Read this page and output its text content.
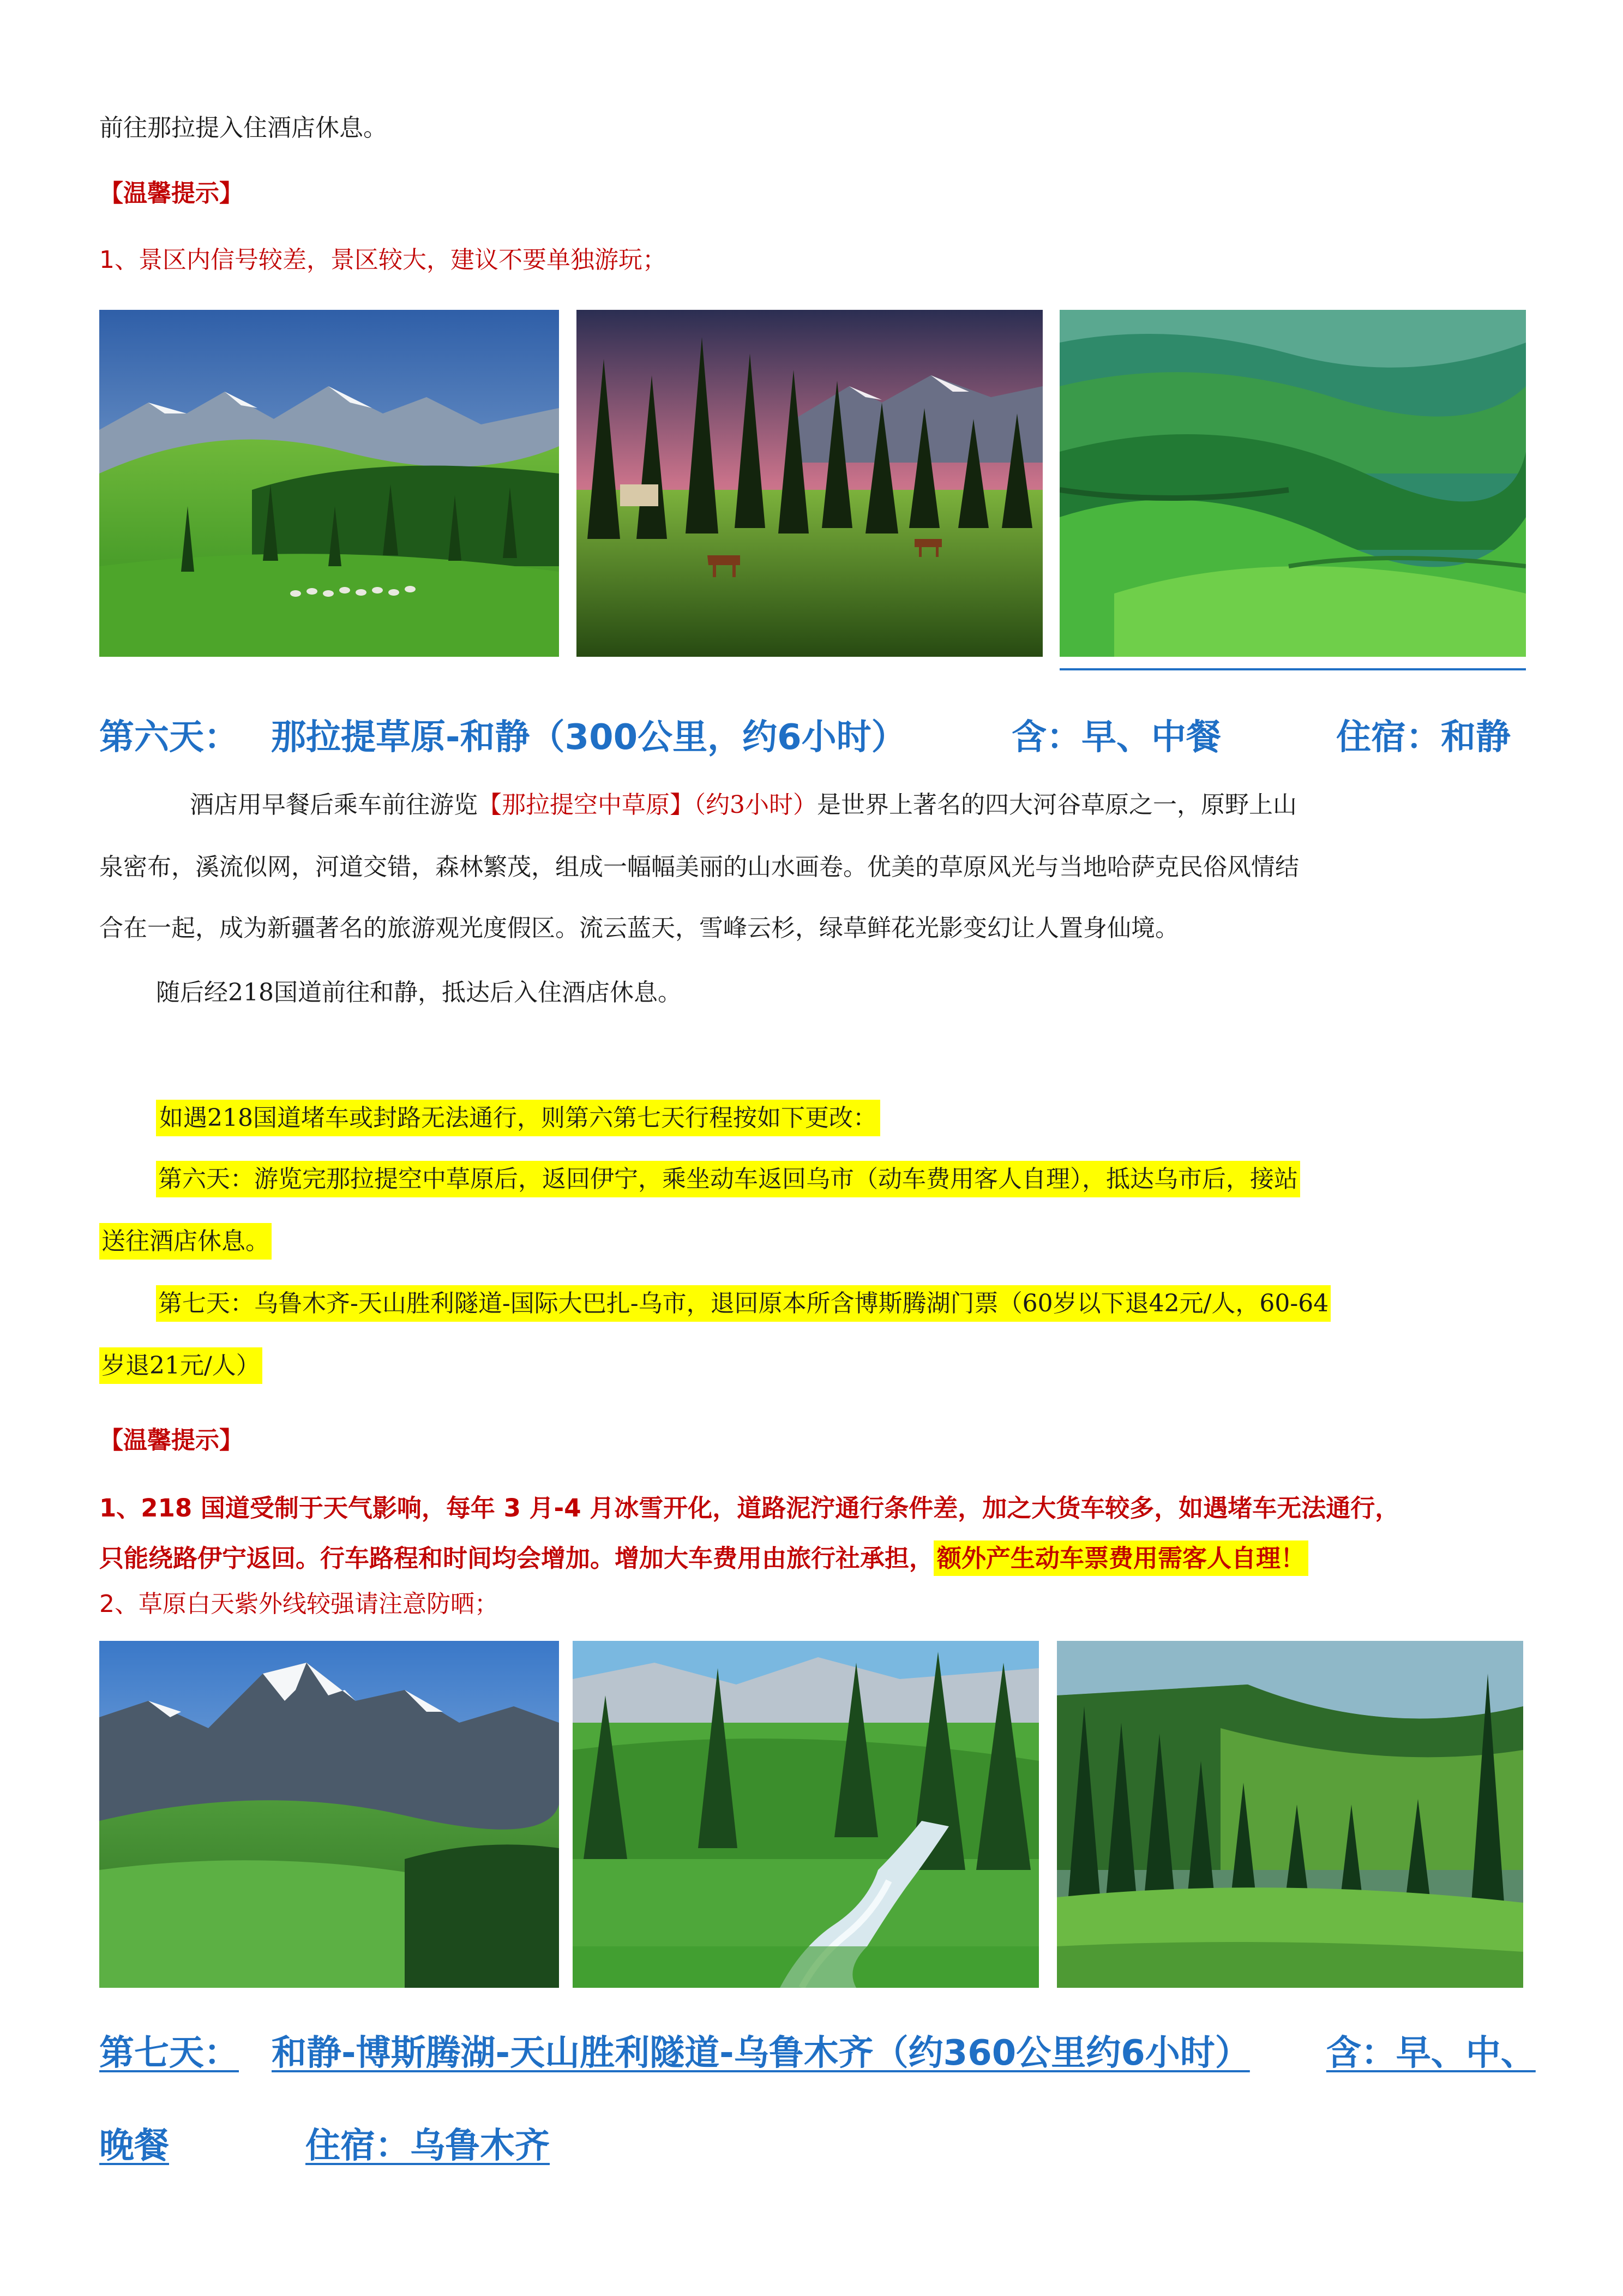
前往那拉提入住酒店休息。
【温馨提示】
1、景区内信号较差，景区较大，建议不要单独游玩；
第六天： 那拉提草原-和静（300公里，约6小时）	含：早、中餐	住宿：和静
酒店用早餐后乘车前往游览【那拉提空中草原】（约3小时）是世界上著名的四大河谷草原之一，原野上山
泉密布，溪流似网，河道交错，森林繁茂，组成一幅幅美丽的山水画卷。优美的草原风光与当地哈萨克民俗风情结
合在一起，成为新疆著名的旅游观光度假区。流云蓝天，雪峰云杉，绿草鲜花光影变幻让人置身仙境。
随后经218国道前往和静，抵达后入住酒店休息。
如遇218国道堵车或封路无法通行，则第六第七天行程按如下更改：
第六天：游览完那拉提空中草原后，返回伊宁，乘坐动车返回乌市（动车费用客人自理），抵达乌市后，接站
送往酒店休息。
第七天：乌鲁木齐-天山胜利隧道-国际大巴扎-乌市，退回原本所含博斯腾湖门票（60岁以下退42元/人，60-64
岁退21元/人）
【温馨提示】
1、218 国道受制于天气影响，每年 3 月-4 月冰雪开化，道路泥泞通行条件差，加之大货车较多，如遇堵车无法通行，
只能绕路伊宁返回。行车路程和时间均会增加。增加大车费用由旅行社承担， 额外产生动车票费用需客人自理！
2、草原白天紫外线较强请注意防晒；
第七天： 和静-博斯腾湖-天山胜利隧道-乌鲁木齐（约360公里约6小时） 含：早、中、
晚餐	住宿：乌鲁木齐
